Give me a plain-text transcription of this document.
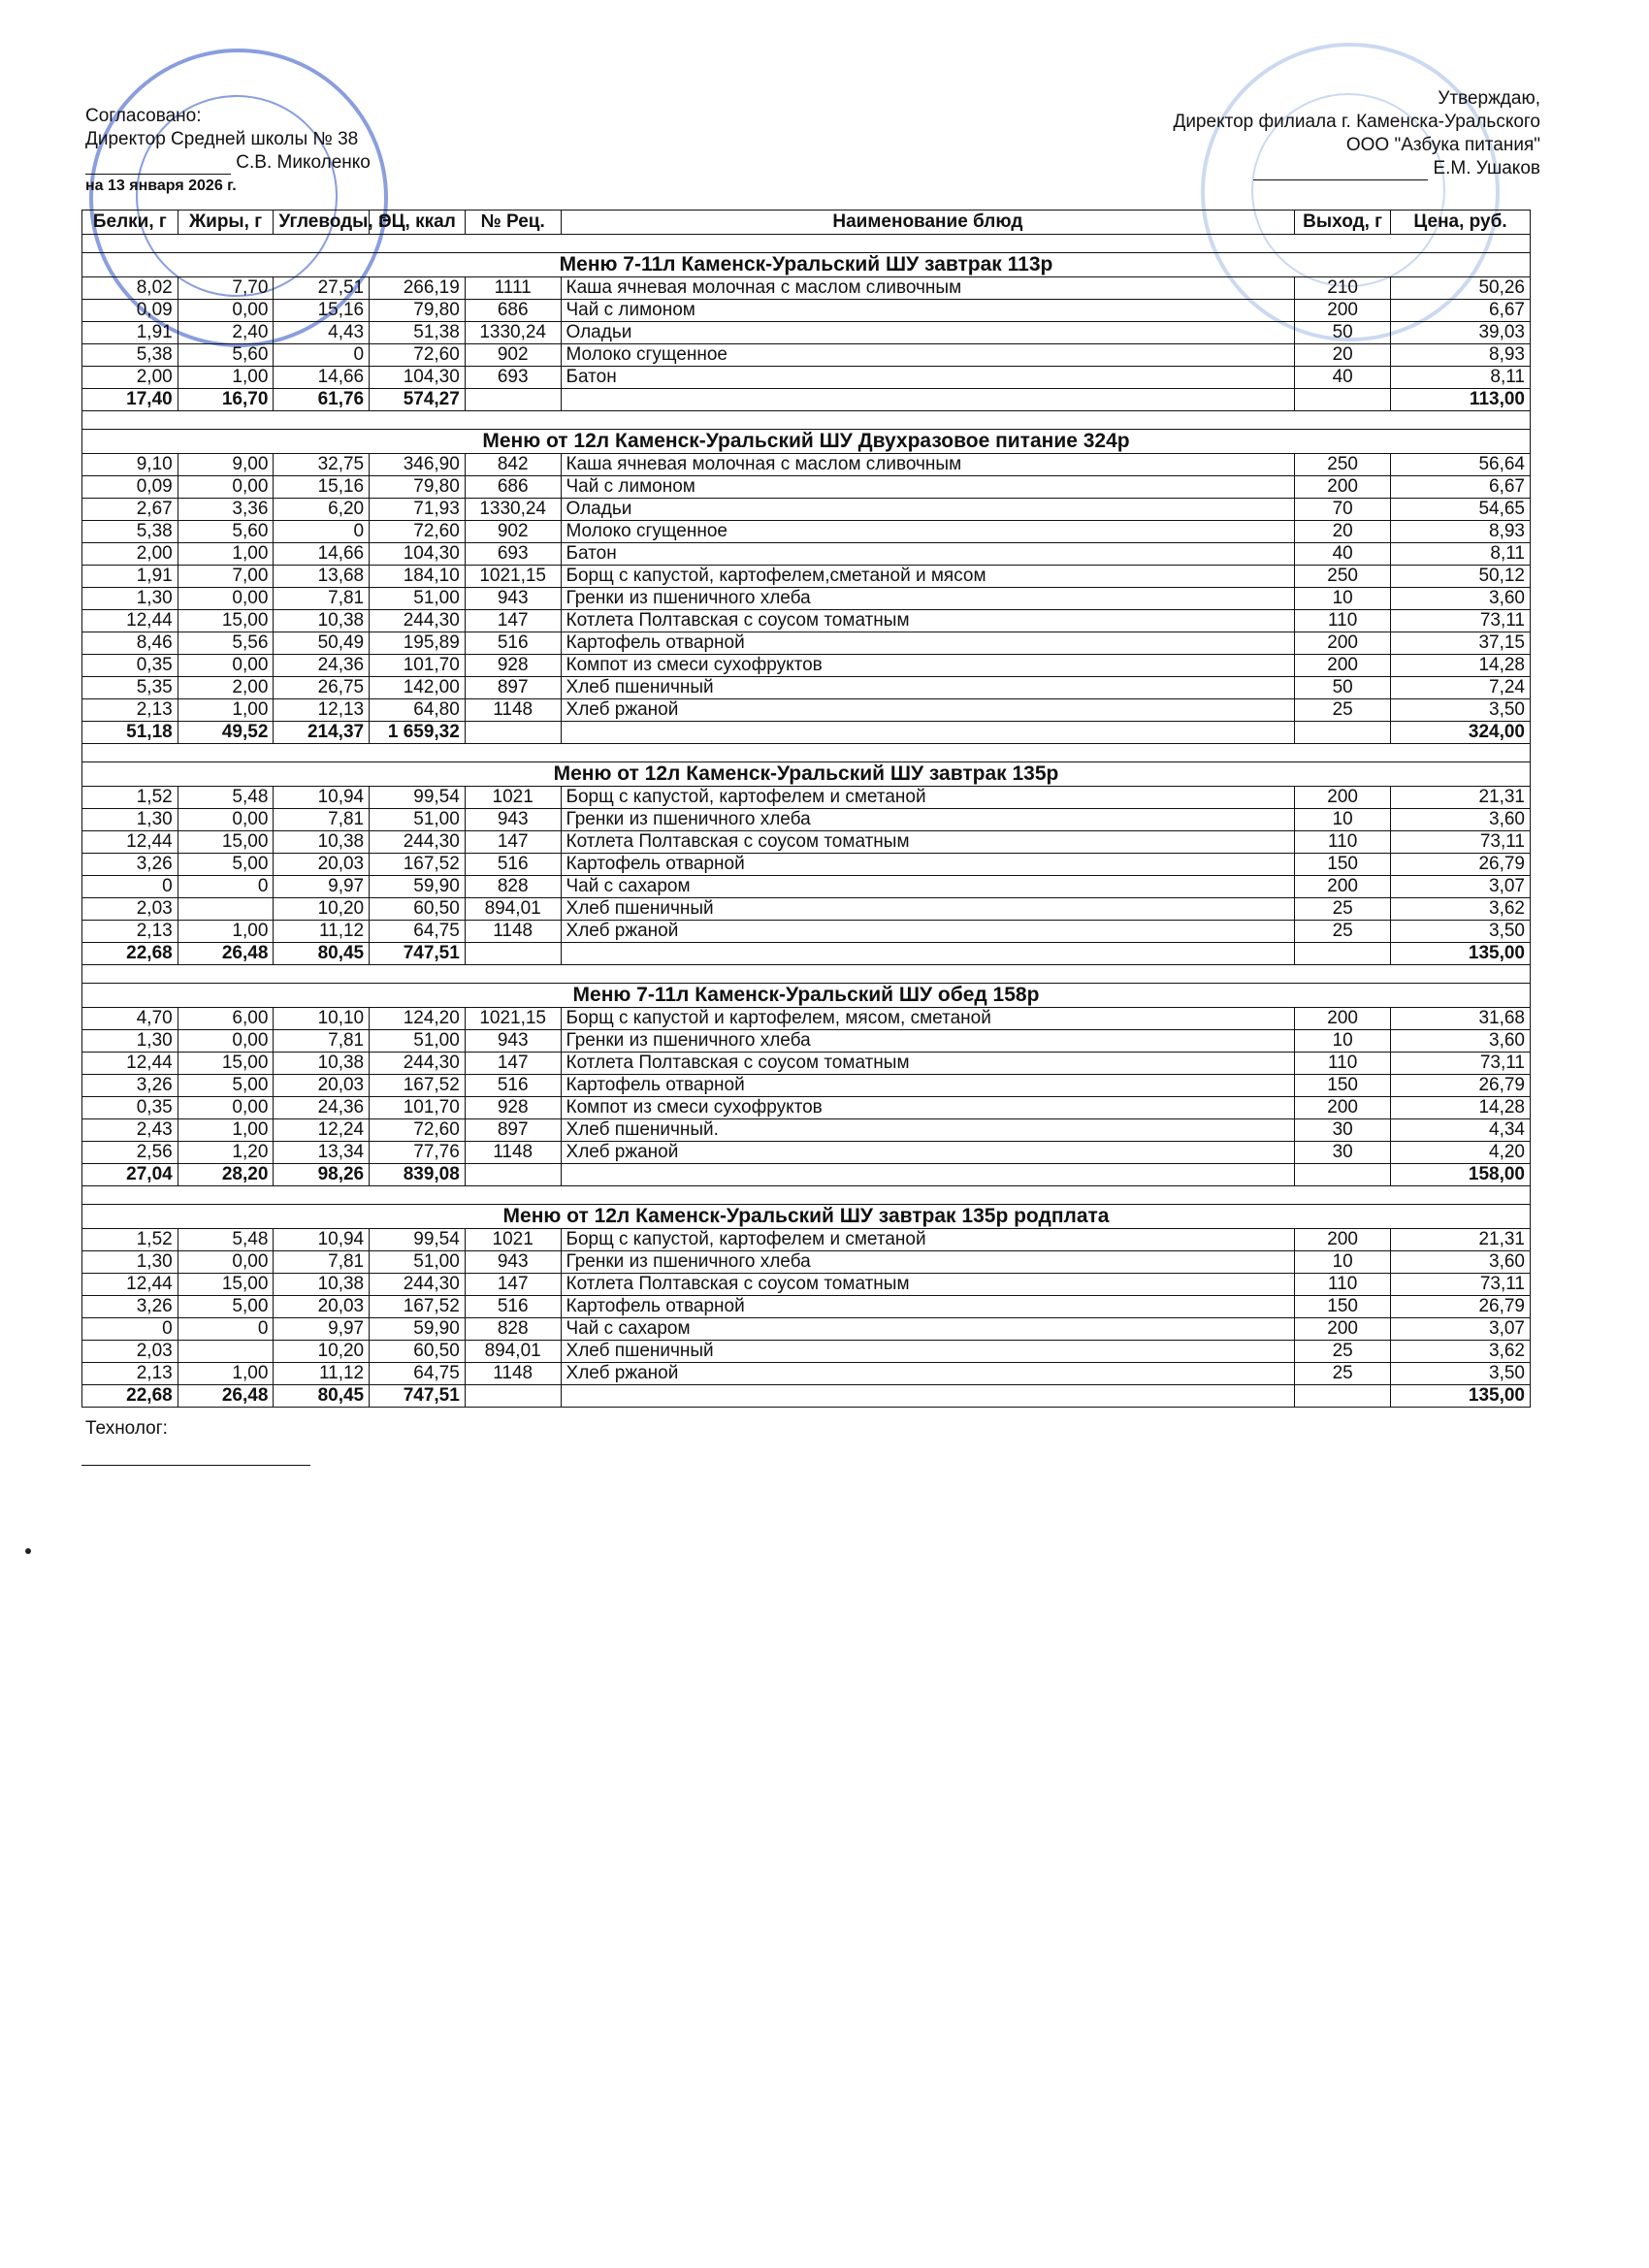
Согласовано:
Директор Средней школы № 38
С.В. Миколенко
на 13 января 2026 г.
Утверждаю,
Директор филиала г. Каменска-Уральского
ООО "Азбука питания"
Е.М. Ушаков
Белки, г	Жиры, г	Углеводы, г	ЭЦ, ккал	№ Рец.	Наименование блюд	Выход, г	Цена, руб.

Меню 7-11л Каменск-Уральский ШУ завтрак 113р							
8,02	7,70	27,51	266,19	1111	Каша ячневая молочная с маслом сливочным	210	50,26
0,09	0,00	15,16	79,80	686	Чай с лимоном	200	6,67
1,91	2,40	4,43	51,38	1330,24	Оладьи	50	39,03
5,38	5,60	0	72,60	902	Молоко сгущенное	20	8,93
2,00	1,00	14,66	104,30	693	Батон	40	8,11
17,40	16,70	61,76	574,27				113,00

Меню от 12л Каменск-Уральский ШУ Двухразовое питание 324р							
9,10	9,00	32,75	346,90	842	Каша ячневая молочная с маслом сливочным	250	56,64
0,09	0,00	15,16	79,80	686	Чай с лимоном	200	6,67
2,67	3,36	6,20	71,93	1330,24	Оладьи	70	54,65
5,38	5,60	0	72,60	902	Молоко сгущенное	20	8,93
2,00	1,00	14,66	104,30	693	Батон	40	8,11
1,91	7,00	13,68	184,10	1021,15	Борщ с капустой, картофелем,сметаной и мясом	250	50,12
1,30	0,00	7,81	51,00	943	Гренки из пшеничного хлеба	10	3,60
12,44	15,00	10,38	244,30	147	Котлета Полтавская с соусом томатным	110	73,11
8,46	5,56	50,49	195,89	516	Картофель отварной	200	37,15
0,35	0,00	24,36	101,70	928	Компот из смеси сухофруктов	200	14,28
5,35	2,00	26,75	142,00	897	Хлеб пшеничный	50	7,24
2,13	1,00	12,13	64,80	1148	Хлеб ржаной	25	3,50
51,18	49,52	214,37	1 659,32				324,00

Меню от 12л Каменск-Уральский ШУ завтрак 135р							
1,52	5,48	10,94	99,54	1021	Борщ с капустой, картофелем и сметаной	200	21,31
1,30	0,00	7,81	51,00	943	Гренки из пшеничного хлеба	10	3,60
12,44	15,00	10,38	244,30	147	Котлета Полтавская с соусом томатным	110	73,11
3,26	5,00	20,03	167,52	516	Картофель отварной	150	26,79
0	0	9,97	59,90	828	Чай с сахаром	200	3,07
2,03		10,20	60,50	894,01	Хлеб пшеничный	25	3,62
2,13	1,00	11,12	64,75	1148	Хлеб ржаной	25	3,50
22,68	26,48	80,45	747,51				135,00

Меню 7-11л Каменск-Уральский ШУ обед 158р							
4,70	6,00	10,10	124,20	1021,15	Борщ с капустой и картофелем, мясом, сметаной	200	31,68
1,30	0,00	7,81	51,00	943	Гренки из пшеничного хлеба	10	3,60
12,44	15,00	10,38	244,30	147	Котлета Полтавская с соусом томатным	110	73,11
3,26	5,00	20,03	167,52	516	Картофель отварной	150	26,79
0,35	0,00	24,36	101,70	928	Компот из смеси сухофруктов	200	14,28
2,43	1,00	12,24	72,60	897	Хлеб пшеничный.	30	4,34
2,56	1,20	13,34	77,76	1148	Хлеб ржаной	30	4,20
27,04	28,20	98,26	839,08				158,00

Меню от 12л Каменск-Уральский ШУ завтрак 135р родплата							
1,52	5,48	10,94	99,54	1021	Борщ с капустой, картофелем и сметаной	200	21,31
1,30	0,00	7,81	51,00	943	Гренки из пшеничного хлеба	10	3,60
12,44	15,00	10,38	244,30	147	Котлета Полтавская с соусом томатным	110	73,11
3,26	5,00	20,03	167,52	516	Картофель отварной	150	26,79
0	0	9,97	59,90	828	Чай с сахаром	200	3,07
2,03		10,20	60,50	894,01	Хлеб пшеничный	25	3,62
2,13	1,00	11,12	64,75	1148	Хлеб ржаной	25	3,50
22,68	26,48	80,45	747,51				135,00
Технолог:
